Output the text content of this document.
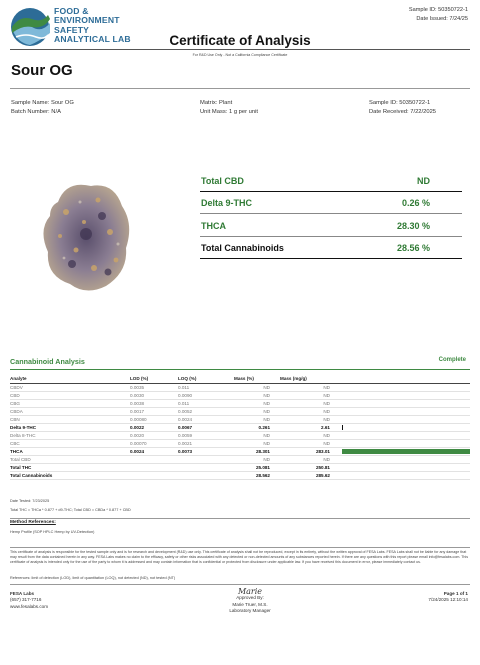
FOOD &
ENVIRONMENT
SAFETY
ANALYTICAL LAB
Sample ID: 50350722-1
Date Issued: 7/24/25
Certificate of Analysis
For R&D Use Only - Not a California Compliance Certificate
Sour OG
Sample Name: Sour OG
Batch Number: N/A
Matrix: Plant
Unit Mass: 1 g per unit
Sample ID: 50350722-1
Date Received: 7/22/2025
Total CBD	ND
Delta 9-THC	0.26 %
THCA	28.30 %
Total Cannabinoids	28.56 %
Cannabinoid Analysis	Complete
Analyte	LOD (%)	LOQ (%)	Mass (%)	Mass (mg/g)	
CBDV	0.0035	0.011	ND	ND	
CBD	0.0030	0.0090	ND	ND	
CBG	0.0038	0.011	ND	ND	
CBDA	0.0017	0.0052	ND	ND	
CBN	0.00080	0.0024	ND	ND	
Delta 9-THC	0.0022	0.0067	0.261	2.61	

Delta 8-THC	0.0020	0.0059	ND	ND	
CBC	0.00070	0.0021	ND	ND	
THCA	0.0024	0.0073	28.301	283.01	

Total CBD			ND	ND	
Total THC			25.081	250.81	
Total Cannabinoids			28.562	285.62	
Date Tested: 7/23/2025
Total THC = THCa * 0.877 + d9-THC; Total CBD = CBDa * 0.877 + CBD
Method References:
Hemp Profile (SOP HPLC Hemp by UV-Detection)
This certificate of analysis is responsible for the tested sample only and is for research and development (R&D) use only. This certificate of analysis shall not be reproduced, except in its entirety, without the written approval of FESA Labs. FESA Labs shall not be liable for any damage that may result from the data contained herein in any way. FESA Labs makes no claim to the efficacy, safety or other risks associated with any detected or non-detected amounts of any substances reported herein. If there are any questions with this report please email info@fesalabs.com. This certificate of analysis is intended only for the use of the party to whom it is addressed and may contain information that is confidential or protected from disclosure under applicable law. If you have received this document in error, please immediately contact us.
References: limit of detection (LOD), limit of quantitation (LOQ), not detected (ND), not tested (NT)
FESA Labs
(657) 317-7716
www.fesalabs.com
Marie
Approved By:
Marie Truer, M.S.
Laboratory Manager
Page 1 of 1
7/24/2025 12:10:14
